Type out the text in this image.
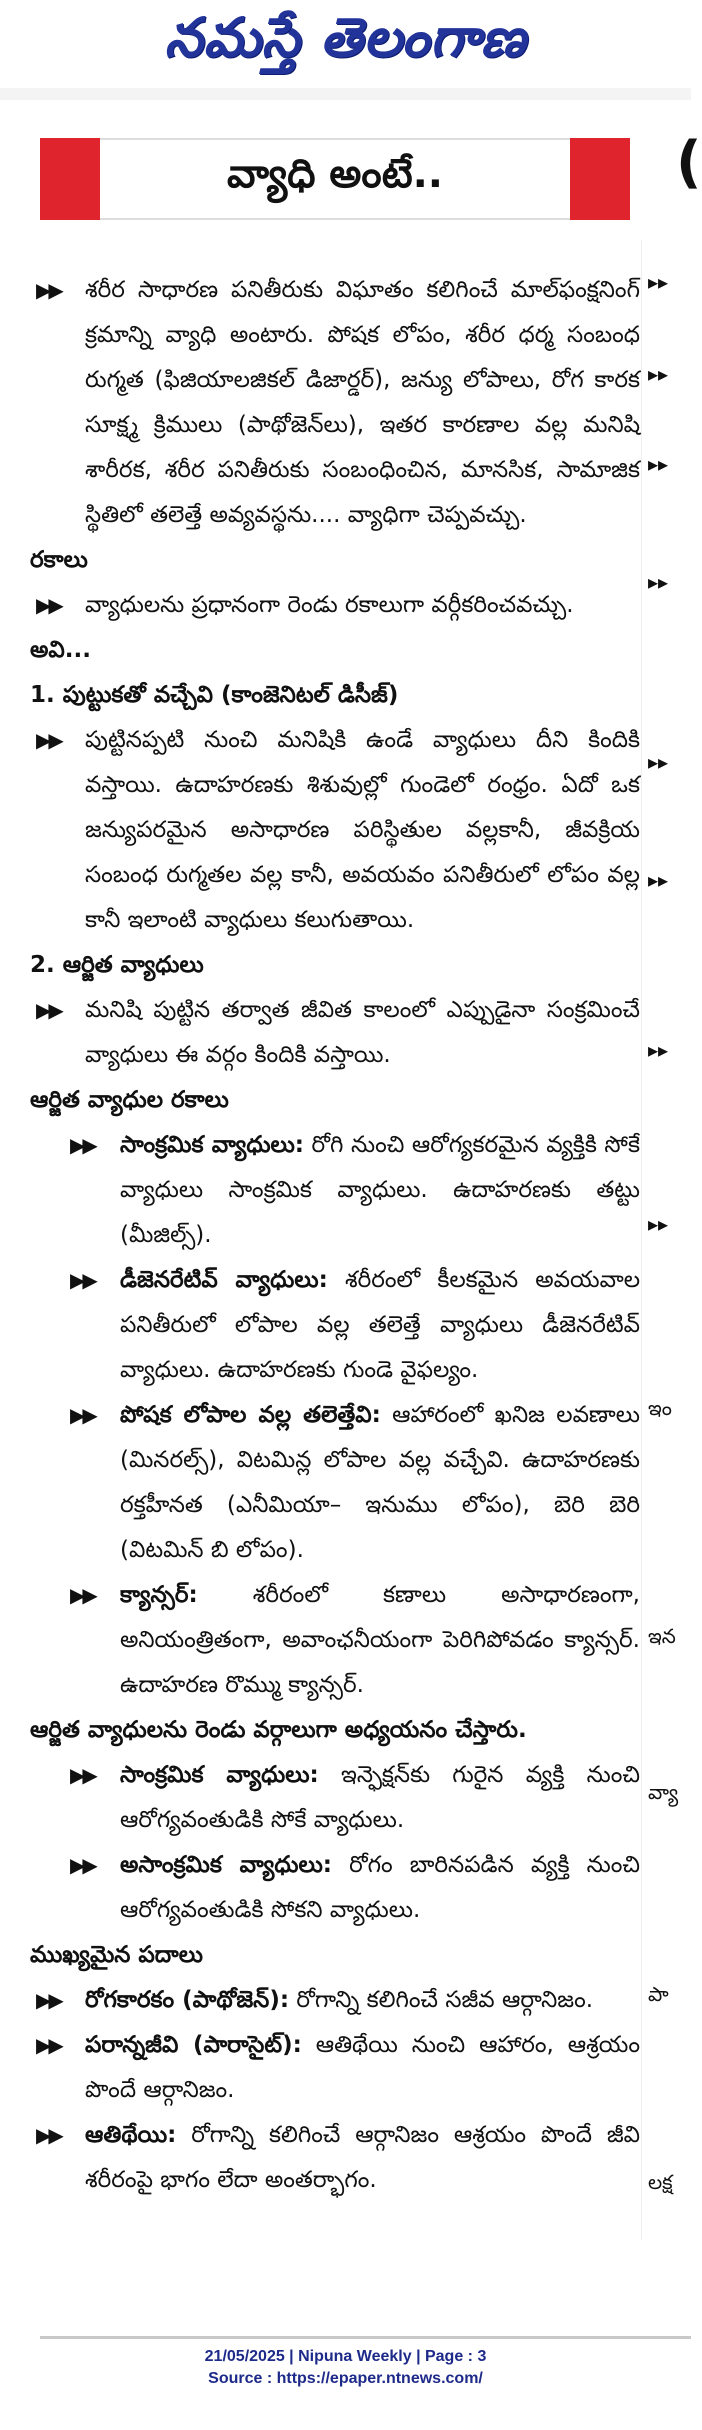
నమస్తే తెలంగాణ
వ్యాధి అంటే..	(
▸▸
▸▸
▸▸
▸▸
▸▸
▸▸
▸▸
▸▸
ఇం
ఇన
వ్యా
పా
లక్ష
▶▶ శరీర సాధారణ పనితీరుకు విఘాతం కలిగించే మాల్‌ఫంక్షనింగ్ క్రమాన్ని వ్యాధి అంటారు. పోషక లోపం, శరీర ధర్మ సంబంధ రుగ్మత (ఫిజియాలజికల్ డిజార్డర్), జన్యు లోపాలు, రోగ కారక సూక్ష్మ క్రిములు (పాథోజెన్‌లు), ఇతర కారణాల వల్ల మనిషి శారీరక, శరీర పనితీరుకు సంబంధించిన, మానసిక, సామాజిక స్థితిలో తలెత్తే అవ్యవస్థను.... వ్యాధిగా చెప్పవచ్చు.
రకాలు
▶▶ వ్యాధులను ప్రధానంగా రెండు రకాలుగా వర్గీకరించవచ్చు.
అవి...
1. పుట్టుకతో వచ్చేవి (కాంజెనిటల్ డిసీజ్)
▶▶ పుట్టినప్పటి నుంచి మనిషికి ఉండే వ్యాధులు దీని కిందికి వస్తాయి. ఉదాహరణకు శిశువుల్లో గుండెలో రంధ్రం. ఏదో ఒక జన్యుపరమైన అసాధారణ పరిస్థితుల వల్లకానీ, జీవక్రియ సంబంధ రుగ్మతల వల్ల కానీ, అవయవం పనితీరులో లోపం వల్ల కానీ ఇలాంటి వ్యాధులు కలుగుతాయి.
2. ఆర్జిత వ్యాధులు
▶▶ మనిషి పుట్టిన తర్వాత జీవిత కాలంలో ఎప్పుడైనా సంక్రమించే వ్యాధులు ఈ వర్గం కిందికి వస్తాయి.
ఆర్జిత వ్యాధుల రకాలు
▶▶ సాంక్రమిక వ్యాధులు: రోగి నుంచి ఆరోగ్యకరమైన వ్యక్తికి సోకే వ్యాధులు సాంక్రమిక వ్యాధులు. ఉదాహరణకు తట్టు (మీజిల్స్).
▶▶ డీజెనరేటివ్ వ్యాధులు: శరీరంలో కీలకమైన అవయవాల పనితీరులో లోపాల వల్ల తలెత్తే వ్యాధులు డీజెనరేటివ్ వ్యాధులు. ఉదాహరణకు గుండె వైఫల్యం.
▶▶ పోషక లోపాల వల్ల తలెత్తేవి: ఆహారంలో ఖనిజ లవణాలు (మినరల్స్), విటమిన్ల లోపాల వల్ల వచ్చేవి. ఉదాహరణకు రక్తహీనత (ఎనీమియా– ఇనుము లోపం), బెరి బెరి (విటమిన్ బి లోపం).
▶▶ క్యాన్సర్: శరీరంలో కణాలు అసాధారణంగా, అనియంత్రితంగా, అవాంఛనీయంగా పెరిగిపోవడం క్యాన్సర్. ఉదాహరణ రొమ్ము క్యాన్సర్.
ఆర్జిత వ్యాధులను రెండు వర్గాలుగా అధ్యయనం చేస్తారు.
▶▶ సాంక్రమిక వ్యాధులు: ఇన్ఫెక్షన్‌కు గురైన వ్యక్తి నుంచి ఆరోగ్యవంతుడికి సోకే వ్యాధులు.
▶▶ అసాంక్రమిక వ్యాధులు: రోగం బారినపడిన వ్యక్తి నుంచి ఆరోగ్యవంతుడికి సోకని వ్యాధులు.
ముఖ్యమైన పదాలు
▶▶ రోగకారకం (పాథోజెన్): రోగాన్ని కలిగించే సజీవ ఆర్గానిజం.
▶▶ పరాన్నజీవి (పారాసైట్): ఆతిథేయి నుంచి ఆహారం, ఆశ్రయం పొందే ఆర్గానిజం.
▶▶ ఆతిథేయి: రోగాన్ని కలిగించే ఆర్గానిజం ఆశ్రయం పొందే జీవి శరీరంపై భాగం లేదా అంతర్భాగం.
21/05/2025 | Nipuna Weekly | Page : 3
Source : https://epaper.ntnews.com/
